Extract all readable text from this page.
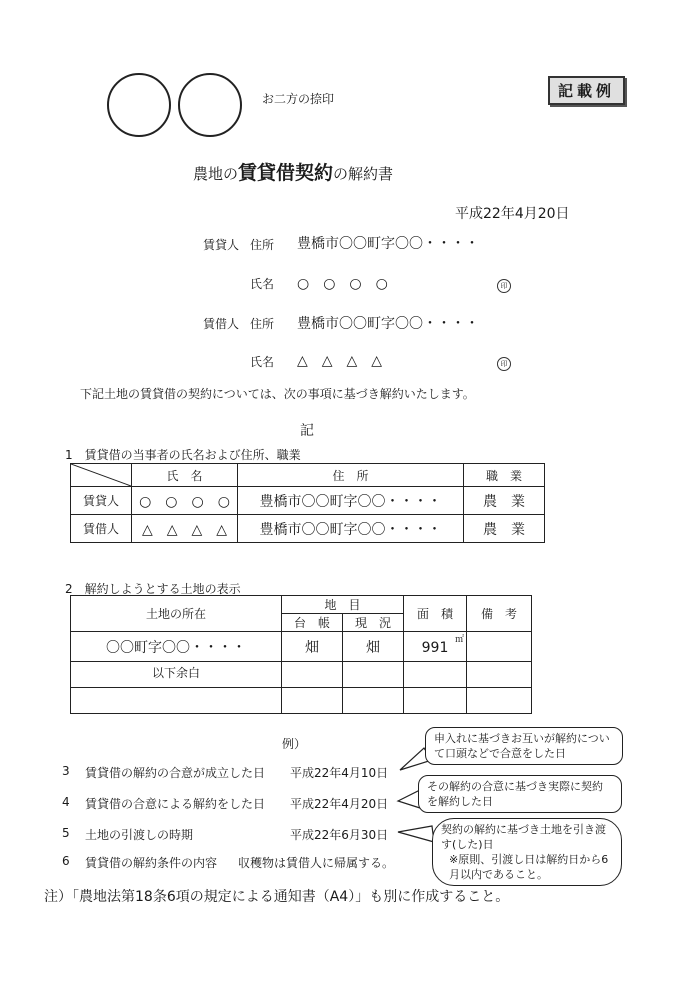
お二方の捺印	記載例
農地の賃貸借契約の解約書
平成22年4月20日
賃貸人 住所 豊橋市〇〇町字〇〇・・・・
氏名 ○　○　○　○	印
賃借人 住所 豊橋市〇〇町字〇〇・・・・
氏名 △　△　△　△	印
下記土地の賃貸借の契約については、次の事項に基づき解約いたします。
記
1　賃貸借の当事者の氏名および住所、職業
	氏　名	住　所	職　業
賃貸人	○　○　○　○	豊橋市〇〇町字〇〇・・・・	農　業
賃借人	△　△　△　△	豊橋市〇〇町字〇〇・・・・	農　業
2　解約しようとする土地の表示
土地の所在	地　目		面　積	備　考
	台　帳	現　況		
〇〇町字〇〇・・・・	畑	畑	991 ㎡	

以下余白				

例）
3 賃貸借の解約の合意が成立した日 平成22年4月10日
4 賃貸借の合意による解約をした日 平成22年4月20日
5 土地の引渡しの時期	平成22年6月30日
6 賃貸借の解約条件の内容 収穫物は賃借人に帰属する。
申入れに基づきお互いが解約について口頭などで合意をした日
その解約の合意に基づき実際に契約を解約した日
契約の解約に基づき土地を引き渡す(した)日
※原則、引渡し日は解約日から6月以内であること。
注）「農地法第18条6項の規定による通知書（A4）」も別に作成すること。
